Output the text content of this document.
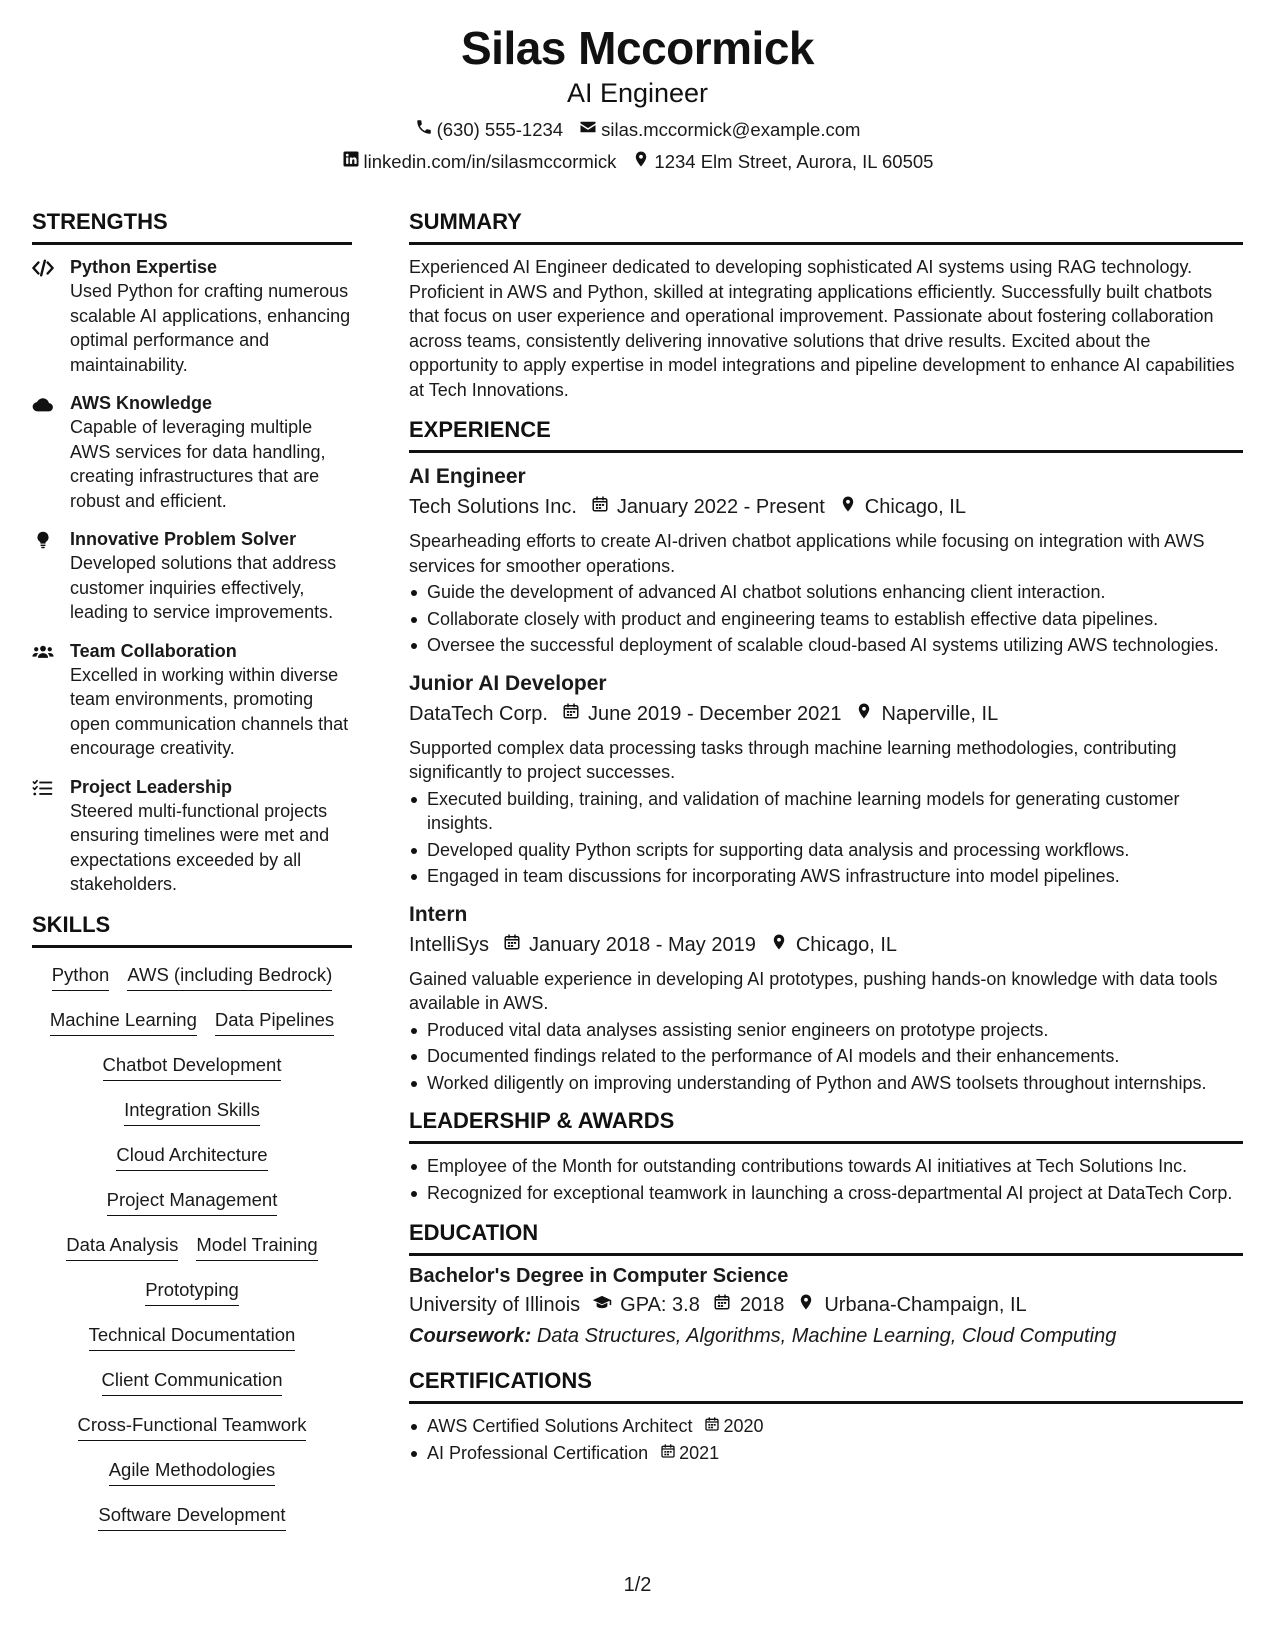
Silas Mccormick
AI Engineer
(630) 555-1234 silas.mccormick@example.com
linkedin.com/in/silasmccormick 1234 Elm Street, Aurora, IL 60505
STRENGTHS
Python Expertise
Used Python for crafting numerous scalable AI applications, enhancing optimal performance and maintainability.
AWS Knowledge
Capable of leveraging multiple AWS services for data handling, creating infrastructures that are robust and efficient.
Innovative Problem Solver
Developed solutions that address customer inquiries effectively, leading to service improvements.
Team Collaboration
Excelled in working within diverse team environments, promoting open communication channels that encourage creativity.
Project Leadership
Steered multi-functional projects ensuring timelines were met and expectations exceeded by all stakeholders.
SKILLS
Python AWS (including Bedrock)
Machine Learning Data Pipelines
Chatbot Development
Integration Skills
Cloud Architecture
Project Management
Data Analysis Model Training
Prototyping
Technical Documentation
Client Communication
Cross-Functional Teamwork
Agile Methodologies
Software Development
SUMMARY
Experienced AI Engineer dedicated to developing sophisticated AI systems using RAG technology. Proficient in AWS and Python, skilled at integrating applications efficiently. Successfully built chatbots that focus on user experience and operational improvement. Passionate about fostering collaboration across teams, consistently delivering innovative solutions that drive results. Excited about the opportunity to apply expertise in model integrations and pipeline development to enhance AI capabilities at Tech Innovations.
EXPERIENCE
AI Engineer
Tech Solutions Inc. January 2022 - Present Chicago, IL
Spearheading efforts to create AI-driven chatbot applications while focusing on integration with AWS services for smoother operations.
Guide the development of advanced AI chatbot solutions enhancing client interaction.
Collaborate closely with product and engineering teams to establish effective data pipelines.
Oversee the successful deployment of scalable cloud-based AI systems utilizing AWS technologies.
Junior AI Developer
DataTech Corp. June 2019 - December 2021 Naperville, IL
Supported complex data processing tasks through machine learning methodologies, contributing significantly to project successes.
Executed building, training, and validation of machine learning models for generating customer insights.
Developed quality Python scripts for supporting data analysis and processing workflows.
Engaged in team discussions for incorporating AWS infrastructure into model pipelines.
Intern
IntelliSys January 2018 - May 2019 Chicago, IL
Gained valuable experience in developing AI prototypes, pushing hands-on knowledge with data tools available in AWS.
Produced vital data analyses assisting senior engineers on prototype projects.
Documented findings related to the performance of AI models and their enhancements.
Worked diligently on improving understanding of Python and AWS toolsets throughout internships.
LEADERSHIP & AWARDS
Employee of the Month for outstanding contributions towards AI initiatives at Tech Solutions Inc.
Recognized for exceptional teamwork in launching a cross-departmental AI project at DataTech Corp.
EDUCATION
Bachelor's Degree in Computer Science
University of Illinois GPA: 3.8 2018 Urbana-Champaign, IL
Coursework: Data Structures, Algorithms, Machine Learning, Cloud Computing
CERTIFICATIONS
AWS Certified Solutions Architect 2020
AI Professional Certification 2021
1/2
